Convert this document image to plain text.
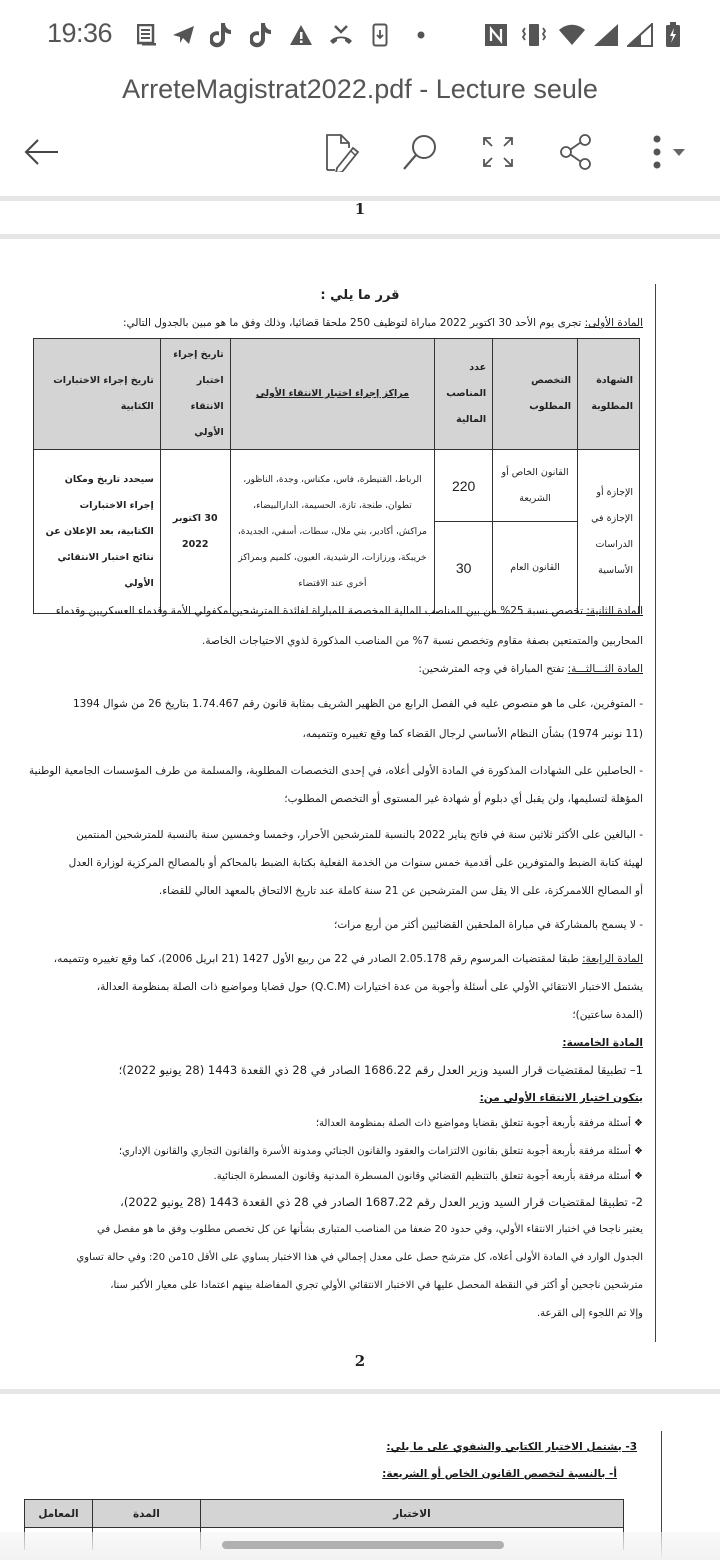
19:36
ArreteMagistrat2022.pdf - Lecture seule
1
قرر ما يلي :
المادة الأولى: تجرى يوم الأحد 30 اكتوبر 2022 مباراة لتوظيف 250 ملحقا قضائيا، وذلك وفق ما هو مبين بالجدول التالي:
الشهادة المطلوبة	التخصص المطلوب	عدد المناصب المالية	مراكز إجراء اختبار الانتقاء الأولي	تاريخ إجراء اختبار الانتقاء الأولي	تاريخ إجراء الاختبارات الكتابية
الإجازة أو الإجازة في الدراسات الأساسية	القانون الخاص أو الشريعة	220	الرباط، القنيطرة، فاس، مكناس، وجدة، الناظور، تطوان، طنجة، تازة، الحسيمة، الدارالبيضاء، مراكش، أكادير، بني ملال، سطات، أسفي، الجديدة، خريبكة، ورزازات، الرشيدية، العيون، كلميم وبمراكز أخرى عند الاقتضاء	30 اكتوبر 2022	سيحدد تاريخ ومكان إجراء الاختبارات الكتابية، بعد الإعلان عن نتائج اختبار الانتقائي الأولي
	القانون العام	30			
المادة الثانية: تخصص نسبة 25% من بين المناصب المالية المخصصة للمباراة لفائدة المترشحين مكفولي الأمة وقدماء العسكريين وقدماء
المحاربين والمتمتعين بصفة مقاوم وتخصص نسبة 7% من المناصب المذكورة لذوي الاحتياجات الخاصة.
المادة الثـــالثـــة: تفتح المباراة في وجه المترشحين:
- المتوفرين، على ما هو منصوص عليه في الفصل الرابع من الظهير الشريف بمثابة قانون رقم 1.74.467 بتاريخ 26 من شوال 1394
(11 نونبر 1974) بشأن النظام الأساسي لرجال القضاء كما وقع تغييره وتتميمه،
- الحاصلين على الشهادات المذكورة في المادة الأولى أعلاه، في إحدى التخصصات المطلوبة، والمسلمة من طرف المؤسسات الجامعية الوطنية
المؤهلة لتسليمها، ولن يقبل أي دبلوم أو شهادة غير المستوى أو التخصص المطلوب؛
- البالغين على الأكثر ثلاثين سنة في فاتح يناير 2022 بالنسبة للمترشحين الأحرار، وخمسا وخمسين سنة بالنسبة للمترشحين المنتمين
لهيئة كتابة الضبط والمتوفرين على أقدمية خمس سنوات من الخدمة الفعلية بكتابة الضبط بالمحاكم أو بالمصالح المركزية لوزارة العدل
أو المصالح اللاممركزة، على الا يقل سن المترشحين عن 21 سنة كاملة عند تاريخ الالتحاق بالمعهد العالي للقضاء.
- لا يسمح بالمشاركة في مباراة الملحقين القضائيين أكثر من أربع مرات؛
المادة الرابعة: طبقا لمقتضيات المرسوم رقم 2.05.178 الصادر في 22 من ربيع الأول 1427 (21 ابريل 2006)، كما وقع تغييره وتتميمه،
يشتمل الاختبار الانتقائي الأولي على أسئلة وأجوبة من عدة اختيارات (Q.C.M) حول قضايا ومواضيع ذات الصلة بمنظومة العدالة،
(المدة ساعتين)؛
المادة الخامسة:
1– تطبيقا لمقتضيات قرار السيد وزير العدل رقم 1686.22 الصادر في 28 ذي القعدة 1443 (28 يونيو 2022)؛
يتكون اختبار الانتقاء الأولي من:
❖ أسئلة مرفقة بأربعة أجوبة تتعلق بقضايا ومواضيع ذات الصلة بمنظومة العدالة؛
❖ أسئلة مرفقة بأربعة أجوبة تتعلق بقانون الالتزامات والعقود والقانون الجنائي ومدونة الأسرة والقانون التجاري والقانون الإداري؛
❖ أسئلة مرفقة بأربعة أجوبة تتعلق بالتنظيم القضائي وقانون المسطرة المدنية وقانون المسطرة الجنائية.
2- تطبيقا لمقتضيات قرار السيد وزير العدل رقم 1687.22 الصادر في 28 ذي القعدة 1443 (28 يونيو 2022)،
يعتبر ناجحا في اختبار الانتقاء الأولي، وفي حدود 20 ضعفا من المناصب المتبارى بشأنها عن كل تخصص مطلوب وفق ما هو مفصل في
الجدول الوارد في المادة الأولى أعلاه، كل مترشح حصل على معدل إجمالي في هذا الاختبار يساوي على الأقل 10من 20: وفي حالة تساوي
مترشحين ناجحين أو أكثر في النقطة المحصل عليها في الاختبار الانتقائي الأولي تجري المفاضلة بينهم اعتمادا على معيار الأكبر سنا،
وإلا تم اللجوء إلى القرعة.
2
3- يشتمل الاختبار الكتابي والشفوي على ما يلي:
أ- بالنسبة لتخصص القانون الخاص أو الشريعة:
الاختبار	المدة	المعامل
